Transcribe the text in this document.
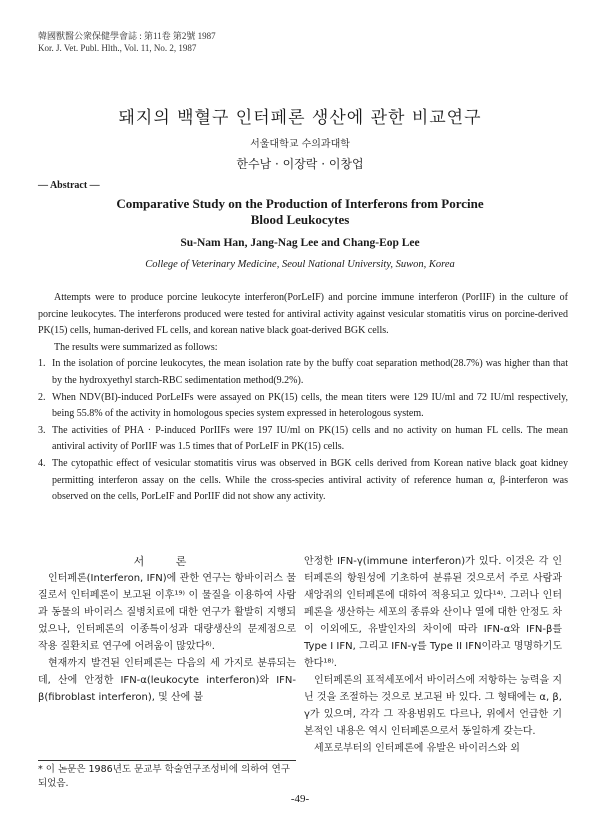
韓國獸醫公衆保健學會誌 : 第11卷 第2號 1987
Kor. J. Vet. Publ. Hlth., Vol. 11, No. 2, 1987
돼지의 백혈구 인터페론 생산에 관한 비교연구
서울대학교 수의과대학
한수남 · 이장락 · 이창업
— Abstract —
Comparative Study on the Production of Interferons from Porcine
Blood Leukocytes
Su-Nam Han, Jang-Nag Lee and Chang-Eop Lee
College of Veterinary Medicine, Seoul National University, Suwon, Korea

Attempts were to produce porcine leukocyte interferon(PorLeIF) and porcine immune interferon (PorIIF) in the culture of porcine leukocytes. The interferons produced were tested for antiviral activity against vesicular stomatitis virus on porcine-derived PK(15) cells, human-derived FL cells, and korean native black goat-derived BGK cells.

The results were summarized as follows:

1. In the isolation of porcine leukocytes, the mean isolation rate by the buffy coat separation method(28.7%) was higher than that by the hydroxyethyl starch-RBC sedimentation method(9.2%).
2. When NDV(BI)-induced PorLeIFs were assayed on PK(15) cells, the mean titers were 129 IU/ml and 72 IU/ml respectively, being 55.8% of the activity in homologous species system expressed in heterologous system.
3. The activities of PHA · P-induced PorIIFs were 197 IU/ml on PK(15) cells and no activity on human FL cells. The mean antiviral activity of PorIIF was 1.5 times that of PorLeIF in PK(15) cells.
4. The cytopathic effect of vesicular stomatitis virus was observed in BGK cells derived from Korean native black goat kidney permitting interferon assay on the cells. While the cross-species antiviral activity of reference human α, β-interferon was observed on the cells, PorLeIF and PorIIF did not show any activity.

서 론

인터페론(Interferon, IFN)에 관한 연구는 항바이러스 물질로서 인터페론이 보고된 이후¹⁹⁾ 이 물질을 이용하여 사람과 동물의 바이러스 질병치료에 대한 연구가 활발히 지행되었으나, 인터페론의 이종특이성과 대량생산의 문제점으로 작용 질환치료 연구에 어려움이 많았다⁶⁾.

현재까지 발견된 인터페론는 다음의 세 가지로 분류되는데, 산에 안정한 IFN-α(leukocyte interferon)와 IFN-β(fibroblast interferon), 및 산에 불

안정한 IFN-γ(immune interferon)가 있다. 이것은 각 인터페론의 항원성에 기초하여 분류된 것으로서 주로 사람과 새앙쥐의 인터페론에 대하여 적용되고 있다¹⁴⁾. 그러나 인터페론을 생산하는 세포의 종류와 산이나 열에 대한 안정도 차이 이외에도, 유발인자의 차이에 따라 IFN-α와 IFN-β를 Type I IFN, 그리고 IFN-γ를 Type II IFN이라고 명명하기도 한다¹⁸⁾.

인터페론의 표적세포에서 바이러스에 저항하는 능력을 지닌 것을 조절하는 것으로 보고된 바 있다. 그 형태에는 α, β, γ가 있으며, 각각 그 작용범위도 다르나, 위에서 언급한 기본적인 내용은 역시 인터페론으로서 동일하게 갖는다.

세포로부터의 인터페론에 유발은 바이러스와 외

* 이 논문은 1986년도 문교부 학술연구조성비에 의하여 연구되었음.
-49-
